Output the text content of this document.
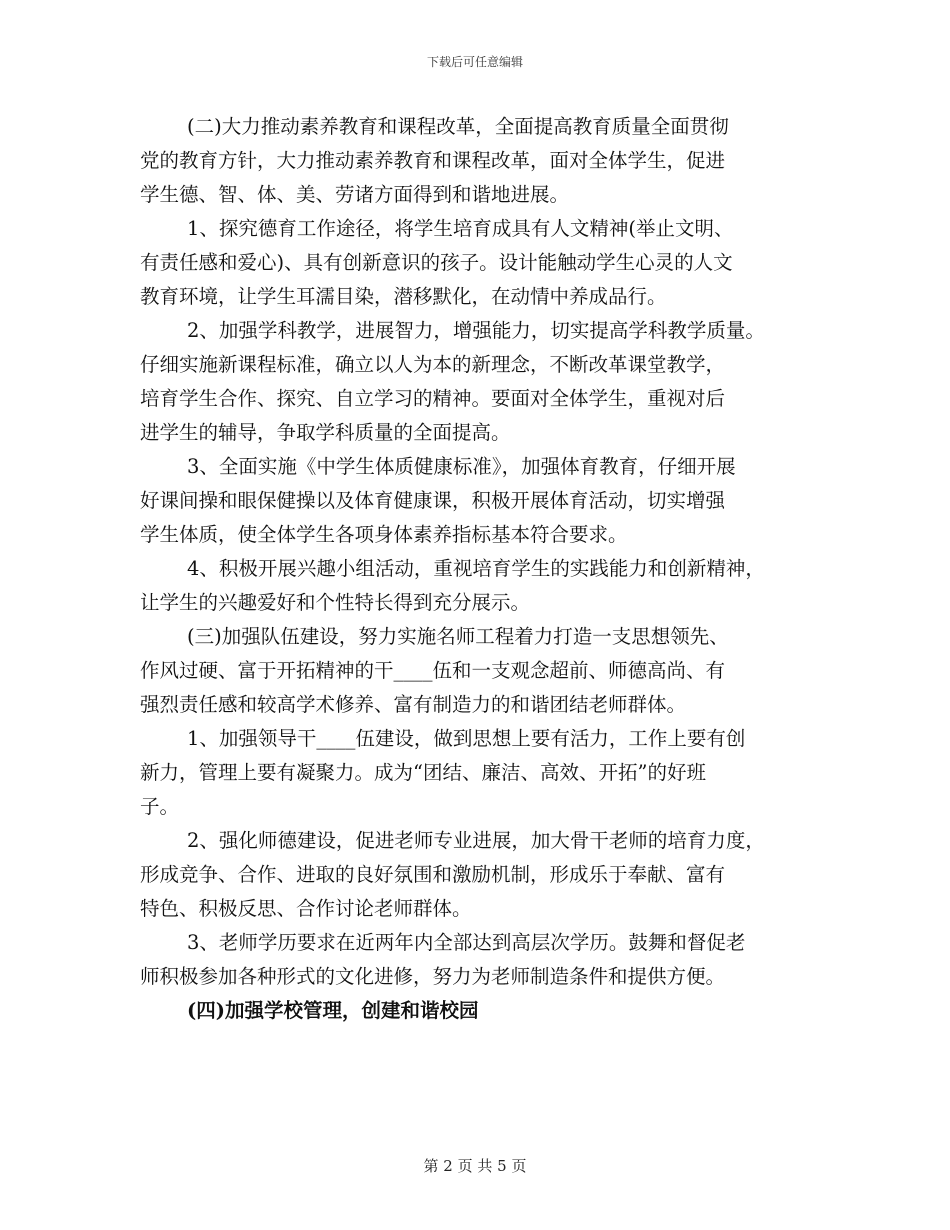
下载后可任意编辑
(二)大力推动素养教育和课程改革，全面提高教育质量全面贯彻
党的教育方针，大力推动素养教育和课程改革，面对全体学生，促进
学生德、智、体、美、劳诸方面得到和谐地进展。
1、探究德育工作途径，将学生培育成具有人文精神(举止文明、
有责任感和爱心)、具有创新意识的孩子。设计能触动学生心灵的人文
教育环境，让学生耳濡目染，潜移默化，在动情中养成品行。
2、加强学科教学，进展智力，增强能力，切实提高学科教学质量。
仔细实施新课程标准，确立以人为本的新理念，不断改革课堂教学，
培育学生合作、探究、自立学习的精神。要面对全体学生，重视对后
进学生的辅导，争取学科质量的全面提高。
3、全面实施《中学生体质健康标准》，加强体育教育，仔细开展
好课间操和眼保健操以及体育健康课，积极开展体育活动，切实增强
学生体质，使全体学生各项身体素养指标基本符合要求。
4、积极开展兴趣小组活动，重视培育学生的实践能力和创新精神，
让学生的兴趣爱好和个性特长得到充分展示。
(三)加强队伍建设，努力实施名师工程着力打造一支思想领先、
作风过硬、富于开拓精神的干____伍和一支观念超前、师德高尚、有
强烈责任感和较高学术修养、富有制造力的和谐团结老师群体。
1、加强领导干____伍建设，做到思想上要有活力，工作上要有创
新力，管理上要有凝聚力。成为“团结、廉洁、高效、开拓”的好班
子。
2、强化师德建设，促进老师专业进展，加大骨干老师的培育力度，
形成竞争、合作、进取的良好氛围和激励机制，形成乐于奉献、富有
特色、积极反思、合作讨论老师群体。
3、老师学历要求在近两年内全部达到高层次学历。鼓舞和督促老
师积极参加各种形式的文化进修，努力为老师制造条件和提供方便。
(四)加强学校管理，创建和谐校园
第 2 页 共 5 页
